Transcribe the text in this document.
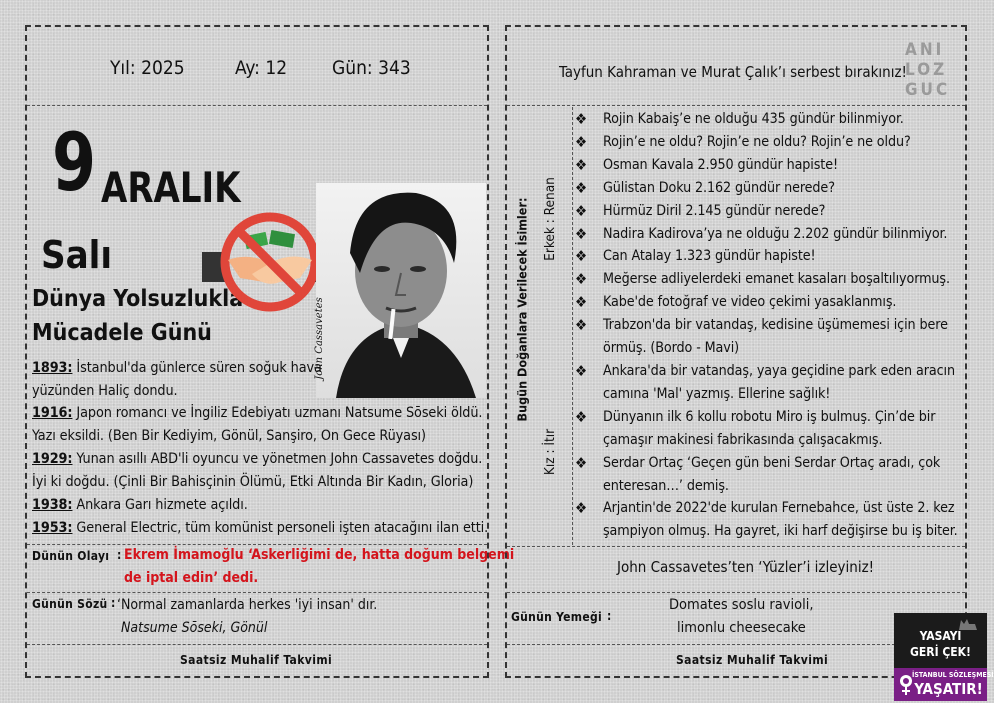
Yıl: 2025	Ay: 12 Gün: 343
9 ARALIK
Salı
Dünya Yolsuzlukla
Mücadele Günü	John Cassavetes
1893: İstanbul'da günlerce süren soğuk hava
yüzünden Haliç dondu.
1916: Japon romancı ve İngiliz Edebiyatı uzmanı Natsume Sōseki öldü.
Yazı eksildi. (Ben Bir Kediyim, Gönül, Sanşiro, On Gece Rüyası)
1929: Yunan asıllı ABD'li oyuncu ve yönetmen John Cassavetes doğdu.
İyi ki doğdu. (Çinli Bir Bahisçinin Ölümü, Etki Altında Bir Kadın, Gloria)
1938: Ankara Garı hizmete açıldı.
1953: General Electric, tüm komünist personeli işten atacağını ilan etti.
Dünün Olayı : Ekrem İmamoğlu ‘Askerliğimi de, hatta doğum belgemi
de iptal edin’ dedi.
Günün Sözü : ‘Normal zamanlarda herkes 'iyi insan' dır.
Natsume Sōseki, Gönül
Saatsiz Muhalif Takvimi
Tayfun Kahraman ve Murat Çalık’ı serbest bırakınız!
ANI
LOZ
GUC
Bugün Doğanlara Verilecek İsimler: Erkek : Renan
Kız : İtır
❖ Rojin Kabaiş’e ne olduğu 435 gündür bilinmiyor.
❖ Rojin’e ne oldu? Rojin’e ne oldu? Rojin’e ne oldu?
❖ Osman Kavala 2.950 gündür hapiste!
❖ Gülistan Doku 2.162 gündür nerede?
❖ Hürmüz Diril 2.145 gündür nerede?
❖ Nadira Kadirova’ya ne olduğu 2.202 gündür bilinmiyor.
❖ Can Atalay 1.323 gündür hapiste!
❖ Meğerse adliyelerdeki emanet kasaları boşaltılıyormuş.
❖ Kabe'de fotoğraf ve video çekimi yasaklanmış.
❖ Trabzon'da bir vatandaş, kedisine üşümemesi için bere
örmüş. (Bordo - Mavi)
❖ Ankara'da bir vatandaş, yaya geçidine park eden aracın
camına 'Mal' yazmış. Ellerine sağlık!
❖ Dünyanın ilk 6 kollu robotu Miro iş bulmuş. Çin’de bir
çamaşır makinesi fabrikasında çalışacakmış.
❖ Serdar Ortaç ‘Geçen gün beni Serdar Ortaç aradı, çok
enteresan…’ demiş.
❖ Arjantin'de 2022'de kurulan Fernebahce, üst üste 2. kez
şampiyon olmuş. Ha gayret, iki harf değişirse bu iş biter.
John Cassavetes’ten ‘Yüzler’i izleyiniz!
Günün Yemeği :
Domates soslu ravioli,
limonlu cheesecake
Saatsiz Muhalif Takvimi
YASAYI
GERİ ÇEK!
İSTANBUL SÖZLEŞMESİ
YAŞATIR!
